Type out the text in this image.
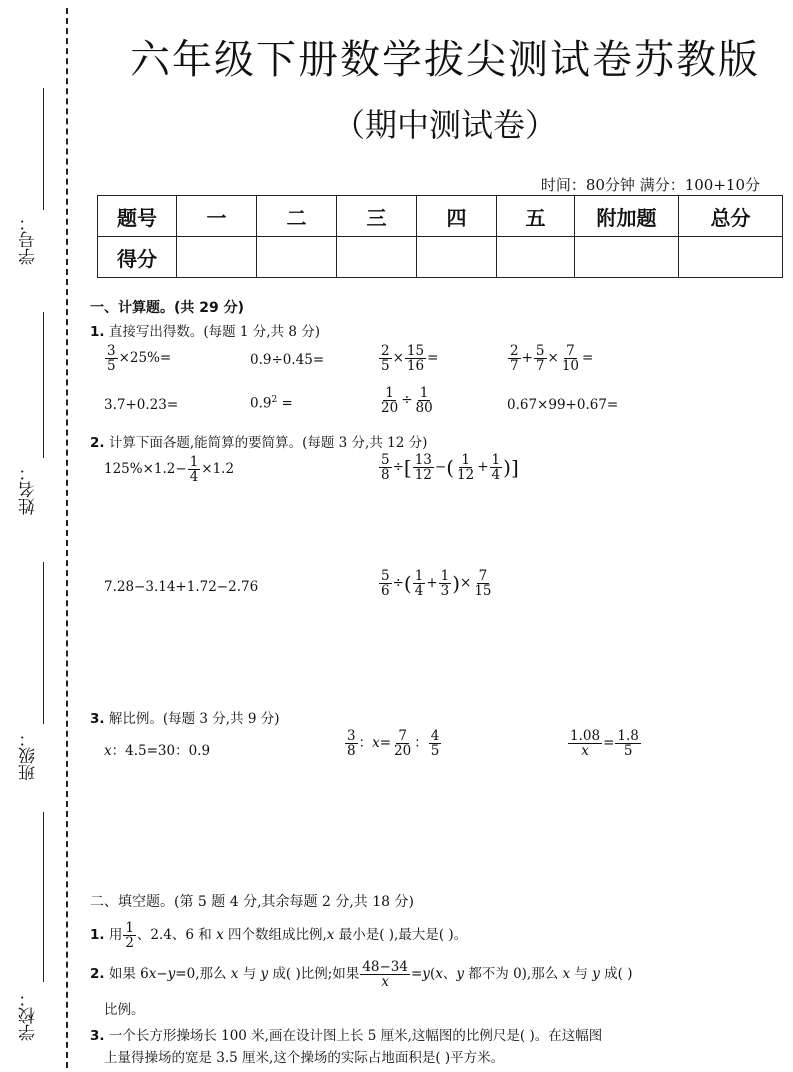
学号：
姓名：
班级：
学校：
六年级下册数学拔尖测试卷苏教版
（期中测试卷）
时间：80分钟 满分：100+10分
题号	一	二	三	四	五	附加题	总分
得分							
一、计算题。(共 29 分)
1. 直接写出得数。(每题 1 分,共 8 分)
$\frac{3}{5} \times 25\%=$	0.9÷0.45=	$\frac{2}{5} \times \frac{15}{16}$ =	$\frac{2}{7} + \frac{5}{7} \times \frac{7}{10}$ =
3.7+0.23=	$0.9^2$ =	$\frac{1}{20} \div \frac{1}{80}$	0.67×99+0.67=
2. 计算下面各题,能简算的要简算。(每题 3 分,共 12 分)
$125\%\times 1.2- \frac{1}{4} \times 1.2$	$\frac{5}{8}$ ÷[ $\frac{13}{12}$ −( $\frac{1}{12} + \frac{1}{4}$ )]
7.28−3.14+1.72−2.76	$\frac{5}{6}$ ÷( $\frac{1}{4} + \frac{1}{3}$ )× $\frac{7}{15}$
3. 解比例。(每题 3 分,共 9 分)
x：4.5=30：0.9	$\frac{3}{8}$ ：$x= \frac{7}{20}$ ： $\frac{4}{5}$	$\frac{1.08}{x} = \frac{1.8}{5}$
二、填空题。(第 5 题 4 分,其余每题 2 分,共 18 分)
1. 用 $\frac{1}{2}$ 、2.4、6 和 x 四个数组成比例,x 最小是( ),最大是( )。
2. 如果 6x−y=0,那么 x 与 y 成( )比例;如果 $\frac{48-34}{x} =y(x$、y 都不为 0),那么 x 与 y 成( )
比例。
3. 一个长方形操场长 100 米,画在设计图上长 5 厘米,这幅图的比例尺是( )。在这幅图
上量得操场的宽是 3.5 厘米,这个操场的实际占地面积是( )平方米。
